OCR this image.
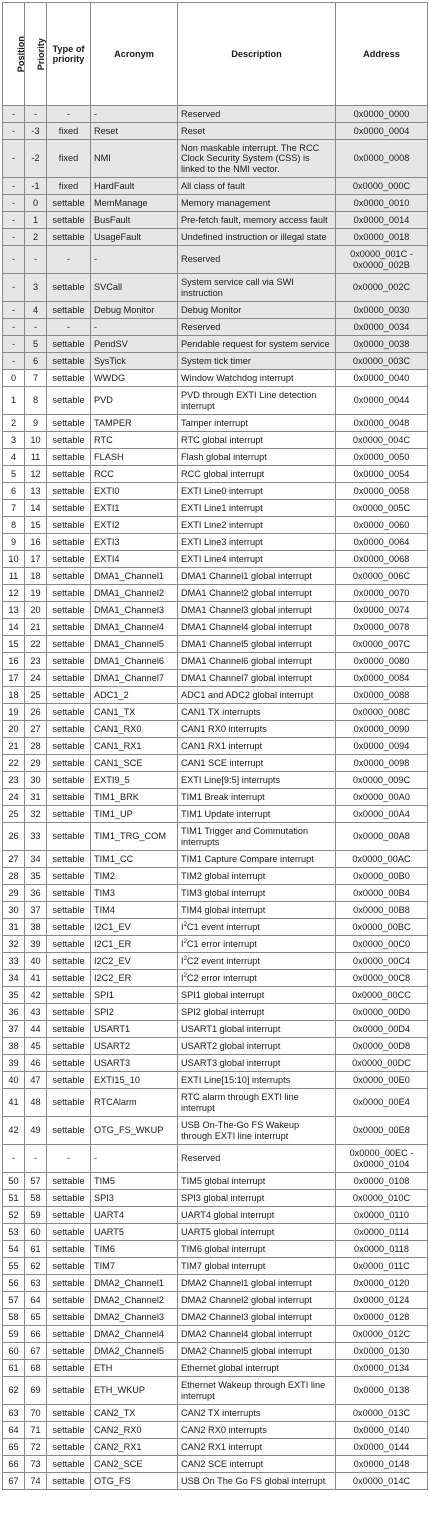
Position	Priority	Type of priority	Acronym	Description	Address
-	-	-	-	Reserved	0x0000_0000
-	-3	fixed	Reset	Reset	0x0000_0004
-	-2	fixed	NMI	Non maskable interrupt. The RCC Clock Security System (CSS) is linked to the NMI vector.	0x0000_0008
-	-1	fixed	HardFault	All class of fault	0x0000_000C
-	0	settable	MemManage	Memory management	0x0000_0010
-	1	settable	BusFault	Pre-fetch fault, memory access fault	0x0000_0014
-	2	settable	UsageFault	Undefined instruction or illegal state	0x0000_0018
-	-	-	-	Reserved	0x0000_001C - 0x0000_002B
-	3	settable	SVCall	System service call via SWI instruction	0x0000_002C
-	4	settable	Debug Monitor	Debug Monitor	0x0000_0030
-	-	-	-	Reserved	0x0000_0034
-	5	settable	PendSV	Pendable request for system service	0x0000_0038
-	6	settable	SysTick	System tick timer	0x0000_003C
0	7	settable	WWDG	Window Watchdog interrupt	0x0000_0040
1	8	settable	PVD	PVD through EXTI Line detection interrupt	0x0000_0044
2	9	settable	TAMPER	Tamper interrupt	0x0000_0048
3	10	settable	RTC	RTC global interrupt	0x0000_004C
4	11	settable	FLASH	Flash global interrupt	0x0000_0050
5	12	settable	RCC	RCC global interrupt	0x0000_0054
6	13	settable	EXTI0	EXTI Line0 interrupt	0x0000_0058
7	14	settable	EXTI1	EXTI Line1 interrupt	0x0000_005C
8	15	settable	EXTI2	EXTI Line2 interrupt	0x0000_0060
9	16	settable	EXTI3	EXTI Line3 interrupt	0x0000_0064
10	17	settable	EXTI4	EXTI Line4 interrupt	0x0000_0068
11	18	settable	DMA1_Channel1	DMA1 Channel1 global interrupt	0x0000_006C
12	19	settable	DMA1_Channel2	DMA1 Channel2 global interrupt	0x0000_0070
13	20	settable	DMA1_Channel3	DMA1 Channel3 global interrupt	0x0000_0074
14	21	settable	DMA1_Channel4	DMA1 Channel4 global interrupt	0x0000_0078
15	22	settable	DMA1_Channel5	DMA1 Channel5 global interrupt	0x0000_007C
16	23	settable	DMA1_Channel6	DMA1 Channel6 global interrupt	0x0000_0080
17	24	settable	DMA1_Channel7	DMA1 Channel7 global interrupt	0x0000_0084
18	25	settable	ADC1_2	ADC1 and ADC2 global interrupt	0x0000_0088
19	26	settable	CAN1_TX	CAN1 TX interrupts	0x0000_008C
20	27	settable	CAN1_RX0	CAN1 RX0 interrupts	0x0000_0090
21	28	settable	CAN1_RX1	CAN1 RX1 interrupt	0x0000_0094
22	29	settable	CAN1_SCE	CAN1 SCE interrupt	0x0000_0098
23	30	settable	EXTI9_5	EXTI Line[9:5] interrupts	0x0000_009C
24	31	settable	TIM1_BRK	TIM1 Break interrupt	0x0000_00A0
25	32	settable	TIM1_UP	TIM1 Update interrupt	0x0000_00A4
26	33	settable	TIM1_TRG_COM	TIM1 Trigger and Commutation interrupts	0x0000_00A8
27	34	settable	TIM1_CC	TIM1 Capture Compare interrupt	0x0000_00AC
28	35	settable	TIM2	TIM2 global interrupt	0x0000_00B0
29	36	settable	TIM3	TIM3 global interrupt	0x0000_00B4
30	37	settable	TIM4	TIM4 global interrupt	0x0000_00B8
31	38	settable	I2C1_EV	$I^2C1$ event interrupt	0x0000_00BC
32	39	settable	I2C1_ER	$I^2C1$ error interrupt	0x0000_00C0
33	40	settable	I2C2_EV	$I^2C2$ event interrupt	0x0000_00C4
34	41	settable	I2C2_ER	$I^2C2$ error interrupt	0x0000_00C8
35	42	settable	SPI1	SPI1 global interrupt	0x0000_00CC
36	43	settable	SPI2	SPI2 global interrupt	0x0000_00D0
37	44	settable	USART1	USART1 global interrupt	0x0000_00D4
38	45	settable	USART2	USART2 global interrupt	0x0000_00D8
39	46	settable	USART3	USART3 global interrupt	0x0000_00DC
40	47	settable	EXTI15_10	EXTI Line[15:10] interrupts	0x0000_00E0
41	48	settable	RTCAlarm	RTC alarm through EXTI line interrupt	0x0000_00E4
42	49	settable	OTG_FS_WKUP	USB On-The-Go FS Wakeup through EXTI line interrupt	0x0000_00E8
-	-	-	-	Reserved	0x0000_00EC - 0x0000_0104
50	57	settable	TIM5	TIM5 global interrupt	0x0000_0108
51	58	settable	SPI3	SPI3 global interrupt	0x0000_010C
52	59	settable	UART4	UART4 global interrupt	0x0000_0110
53	60	settable	UART5	UART5 global interrupt	0x0000_0114
54	61	settable	TIM6	TIM6 global interrupt	0x0000_0118
55	62	settable	TIM7	TIM7 global interrupt	0x0000_011C
56	63	settable	DMA2_Channel1	DMA2 Channel1 global interrupt	0x0000_0120
57	64	settable	DMA2_Channel2	DMA2 Channel2 global interrupt	0x0000_0124
58	65	settable	DMA2_Channel3	DMA2 Channel3 global interrupt	0x0000_0128
59	66	settable	DMA2_Channel4	DMA2 Channel4 global interrupt	0x0000_012C
60	67	settable	DMA2_Channel5	DMA2 Channel5 global interrupt	0x0000_0130
61	68	settable	ETH	Ethernet global interrupt	0x0000_0134
62	69	settable	ETH_WKUP	Ethernet Wakeup through EXTI line interrupt	0x0000_0138
63	70	settable	CAN2_TX	CAN2 TX interrupts	0x0000_013C
64	71	settable	CAN2_RX0	CAN2 RX0 interrupts	0x0000_0140
65	72	settable	CAN2_RX1	CAN2 RX1 interrupt	0x0000_0144
66	73	settable	CAN2_SCE	CAN2 SCE interrupt	0x0000_0148
67	74	settable	OTG_FS	USB On The Go FS global interrupt	0x0000_014C
